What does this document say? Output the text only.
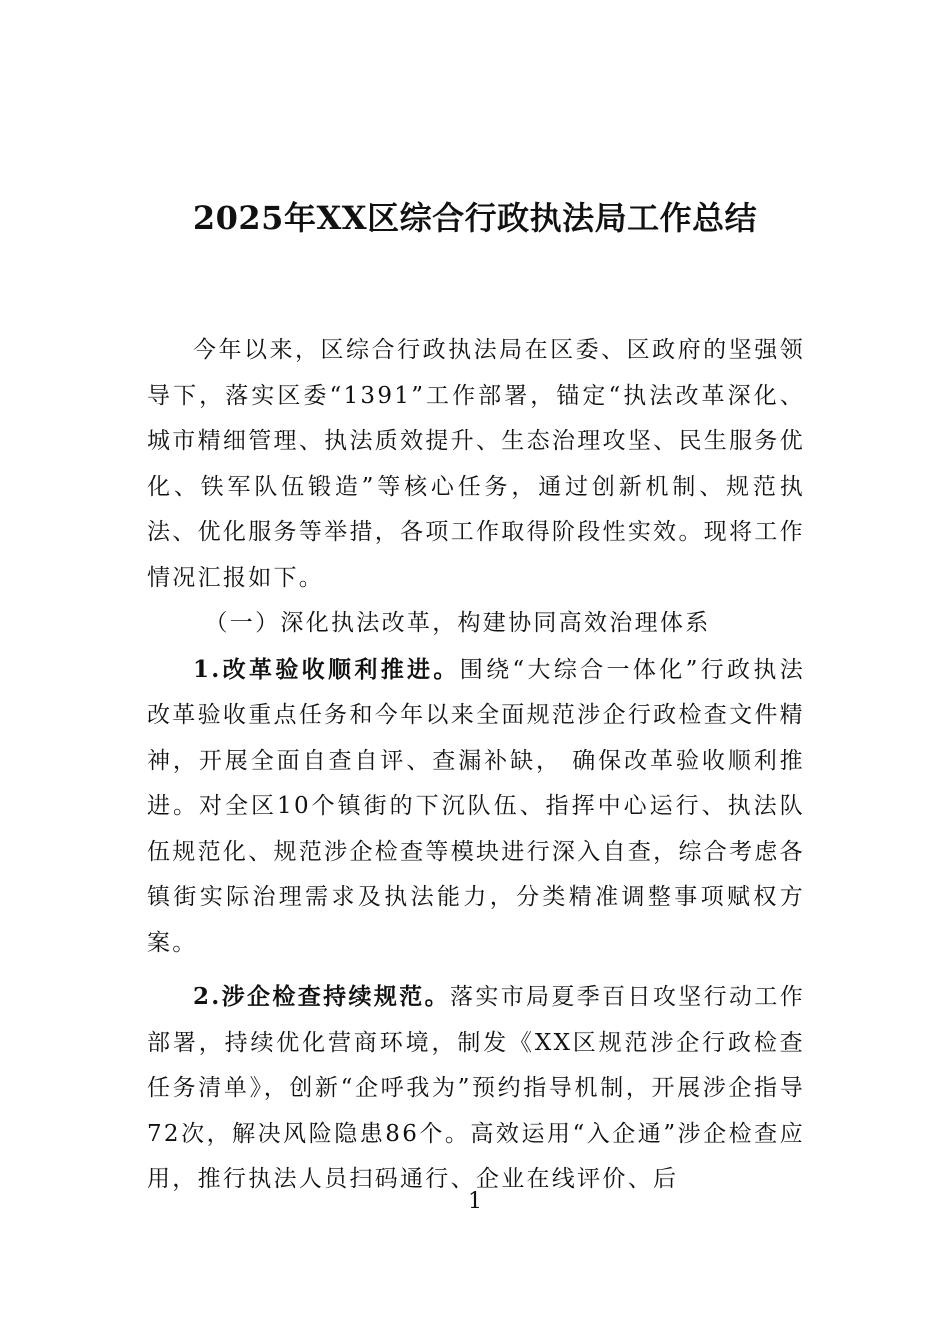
2025年XX区综合行政执法局工作总结

今年以来，区综合行政执法局在区委、区政府的坚强领导下，落实区委“1391”工作部署，锚定“执法改革深化、城市精细管理、执法质效提升、生态治理攻坚、民生服务优化、铁军队伍锻造”等核心任务，通过创新机制、规范执法、优化服务等举措，各项工作取得阶段性实效。现将工作情况汇报如下。

（一）深化执法改革，构建协同高效治理体系

1.改革验收顺利推进。围绕“大综合一体化”行政执法改革验收重点任务和今年以来全面规范涉企行政检查文件精神，开展全面自查自评、查漏补缺， 确保改革验收顺利推进。对全区10个镇街的下沉队伍、指挥中心运行、执法队伍规范化、规范涉企检查等模块进行深入自查，综合考虑各镇街实际治理需求及执法能力，分类精准调整事项赋权方案。

2.涉企检查持续规范。落实市局夏季百日攻坚行动工作部署，持续优化营商环境，制发《XX区规范涉企行政检查任务清单》，创新“企呼我为”预约指导机制，开展涉企指导72次，解决风险隐患86个。高效运用“入企通”涉企检查应用，推行执法人员扫码通行、企业在线评价、后

1
